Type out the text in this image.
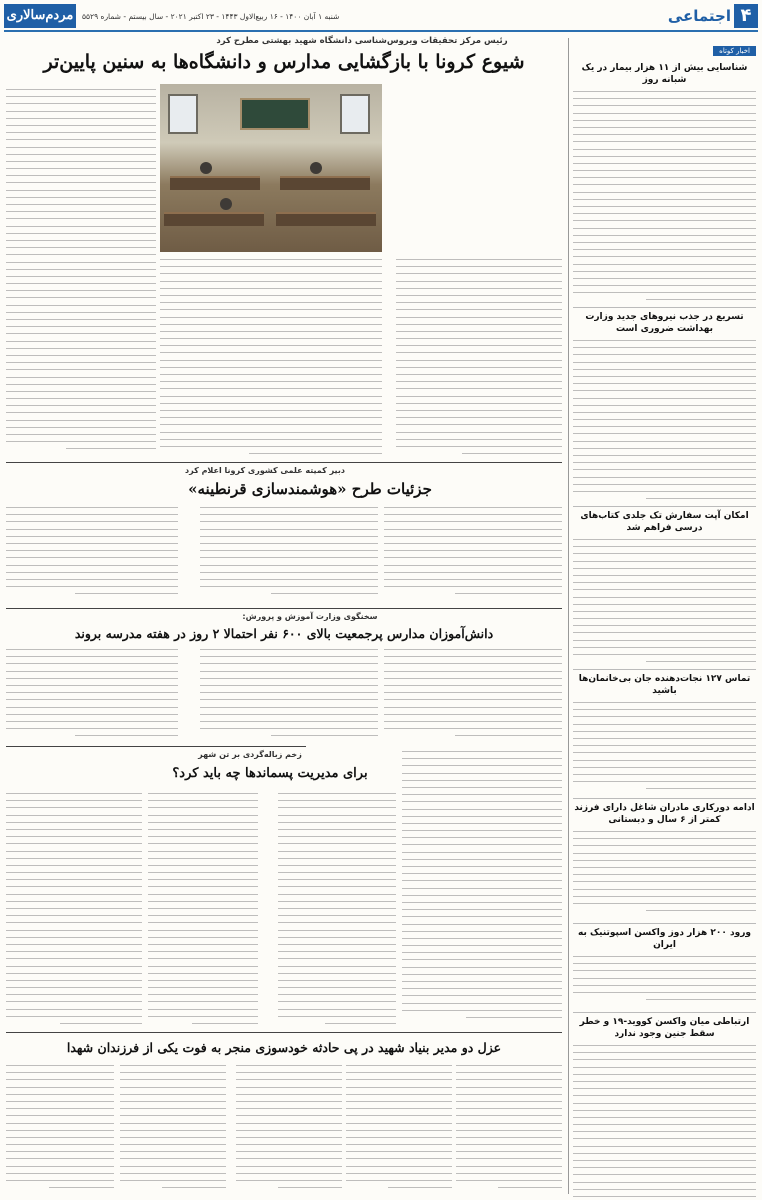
۴
اجتماعی
شنبه ۱ آبان ۱۴۰۰ - ۱۶ ربیع‌الاول ۱۴۴۳ - ۲۳ اکتبر ۲۰۲۱ - سال بیستم - شماره ۵۵۲۹
مردم‌سالاری
اخبار کوتاه
شناسایی بیش از ۱۱ هزار بیمار در یک شبانه روز
تسریع در جذب نیروهای جدید وزارت بهداشت ضروری است
امکان آپت سفارش تک جلدی کتاب‌های درسی فراهم شد
تماس ۱۲۷ نجات‌دهنده جان بی‌خانمان‌ها باشید
ادامه دورکاری مادران شاغل دارای فرزند کمتر از ۶ سال و دبستانی
ورود ۲۰۰ هزار دوز واکسن اسپوتنیک به ایران
ارتباطی میان واکسن کووید-۱۹ و خطر سقط جنین وجود ندارد
رئیس مرکز تحقیقات ویروس‌شناسی دانشگاه شهید بهشتی مطرح کرد
شیوع کرونا با بازگشایی مدارس و دانشگاه‌ها به سنین پایین‌تر
دبیر کمیته علمی کشوری کرونا اعلام کرد
جزئیات طرح «هوشمندسازی قرنطینه»
سخنگوی وزارت آموزش و پرورش:
دانش‌آموزان مدارس پرجمعیت بالای ۶۰۰ نفر احتمالا ۲ روز در هفته مدرسه بروند
زخم زباله‌گردی بر تن شهر
برای مدیریت پسماندها چه باید کرد؟
عزل دو مدیر بنیاد شهید در پی حادثه خودسوزی منجر به فوت یکی از فرزندان شهدا
